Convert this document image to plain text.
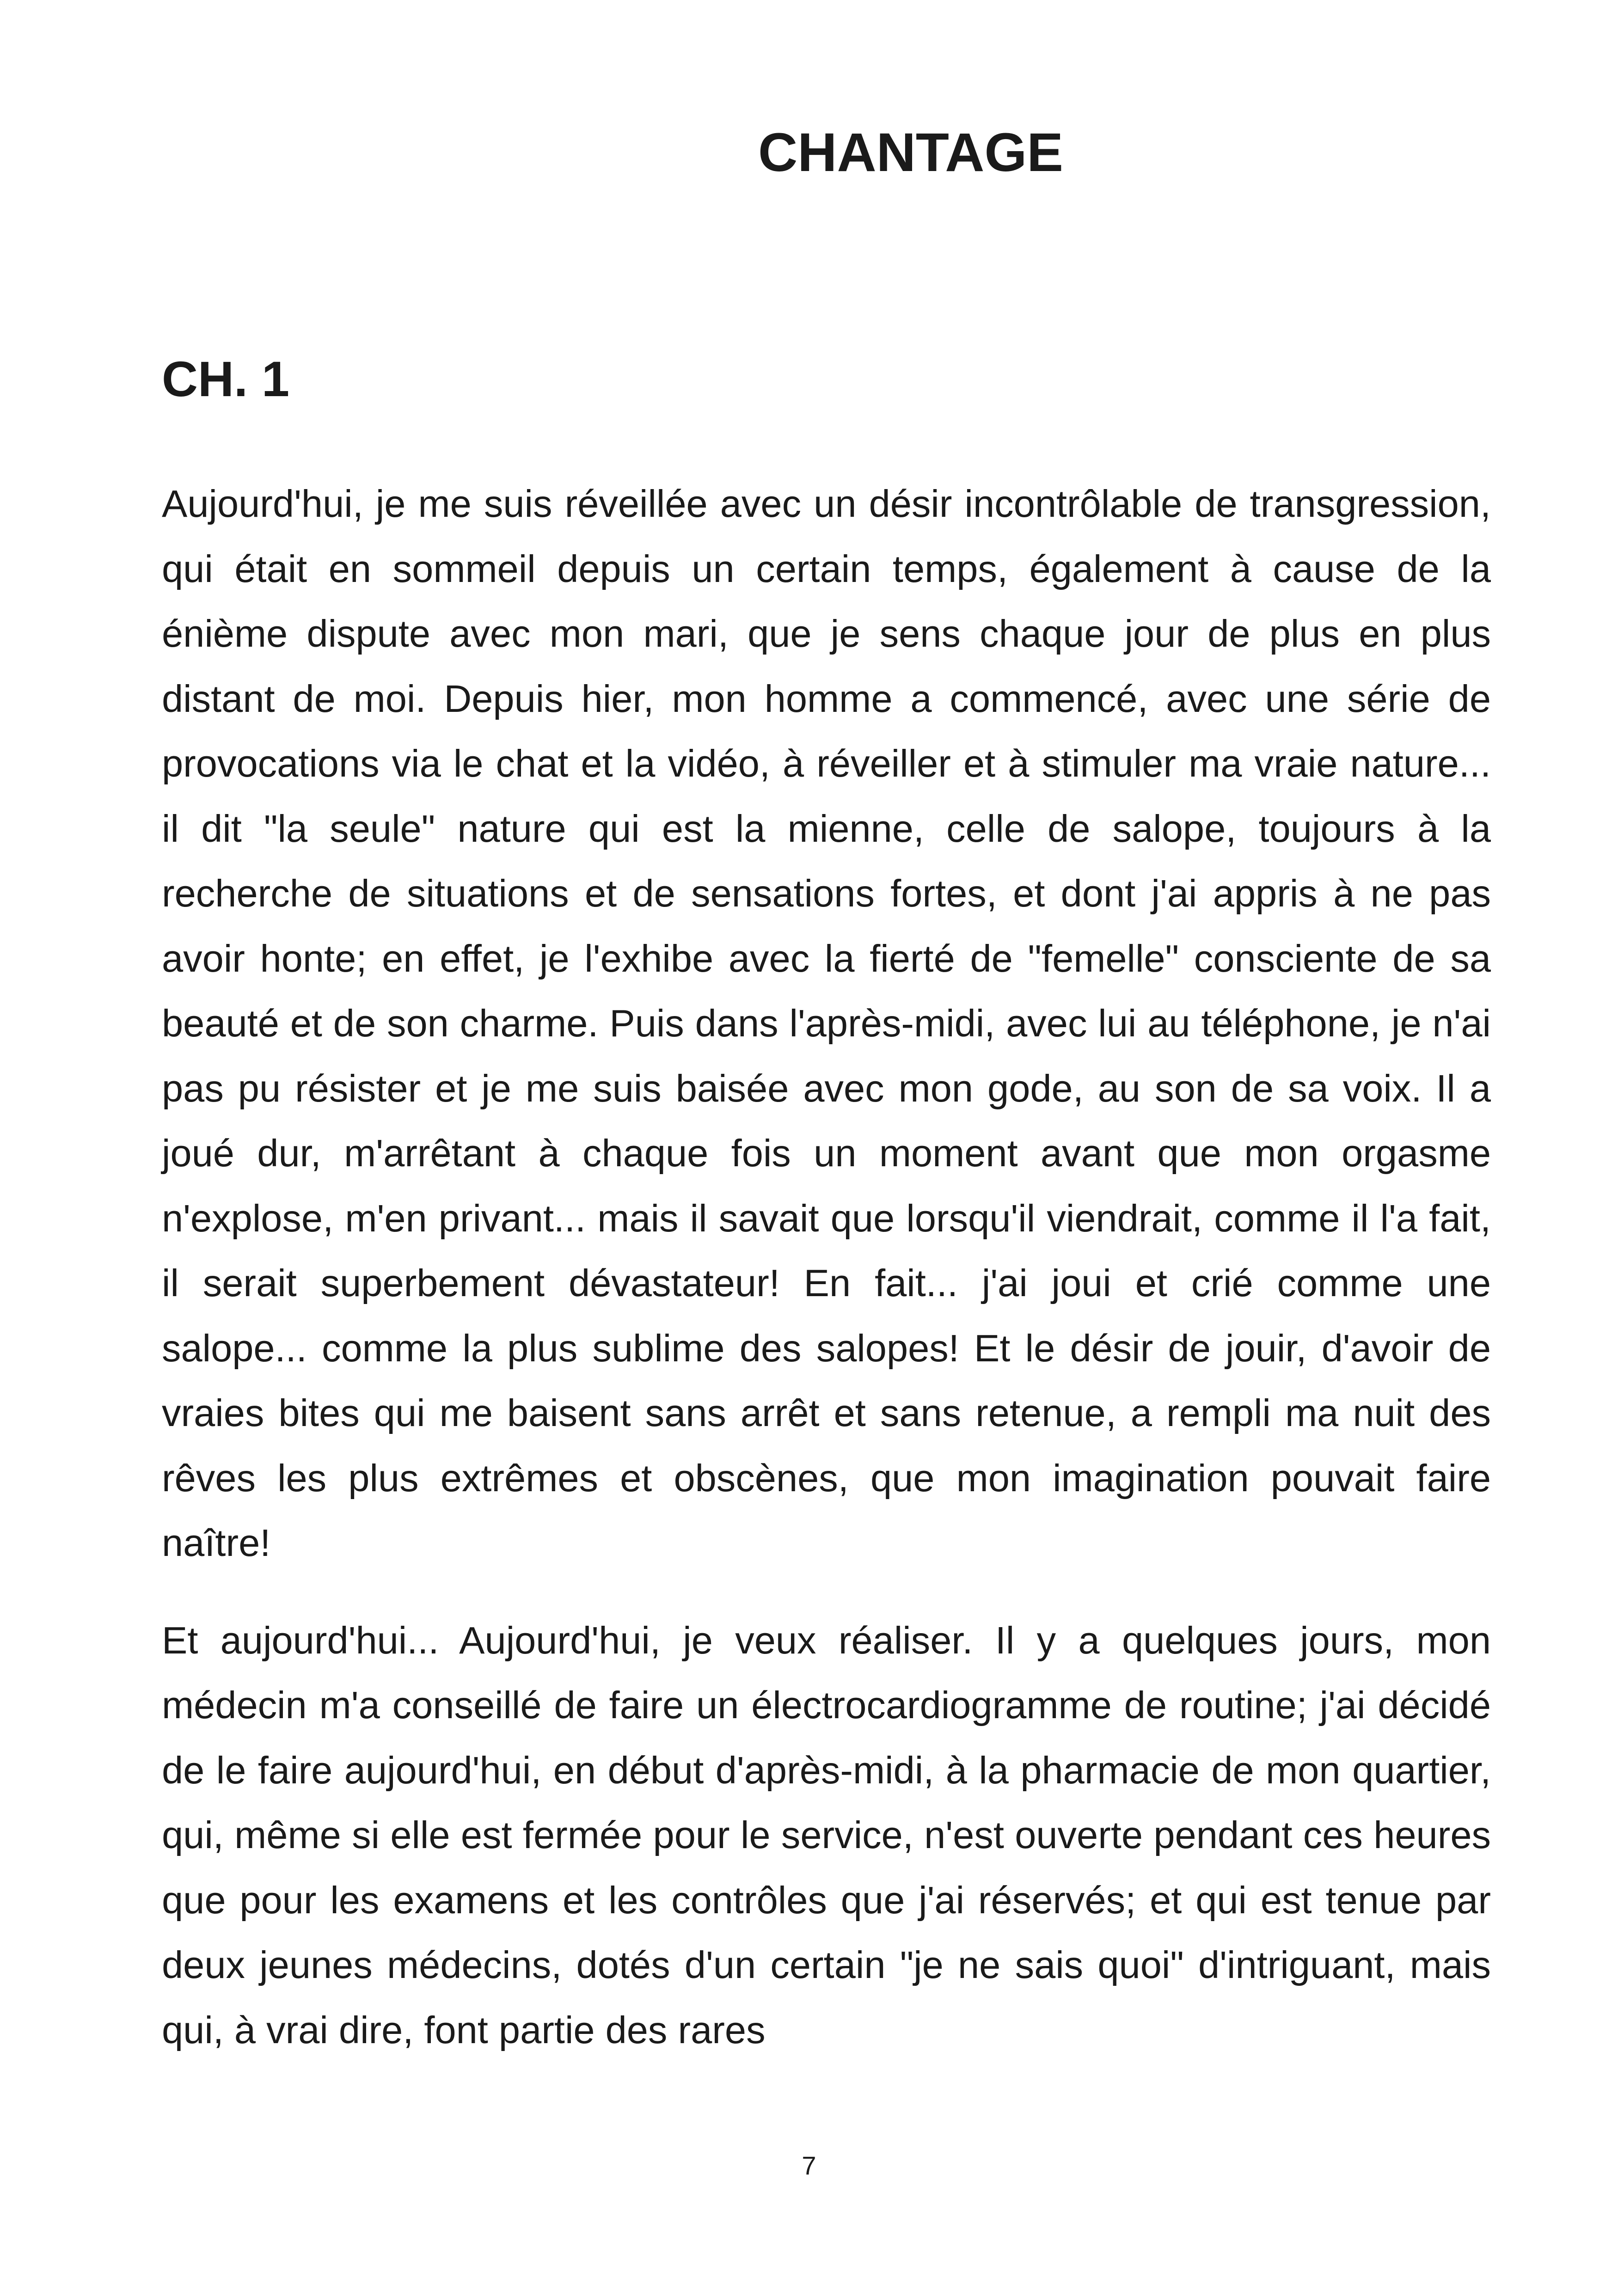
CHANTAGE
CH. 1

Aujourd'hui, je me suis réveillée avec un désir incontrôlable de transgression, qui était en sommeil depuis un certain temps, également à cause de la énième dispute avec mon mari, que je sens chaque jour de plus en plus distant de moi. Depuis hier, mon homme a commencé, avec une série de provocations via le chat et la vidéo, à réveiller et à stimuler ma vraie nature... il dit "la seule" nature qui est la mienne, celle de salope, toujours à la recherche de situations et de sensations fortes, et dont j'ai appris à ne pas avoir honte; en effet, je l'exhibe avec la fierté de "femelle" consciente de sa beauté et de son charme. Puis dans l'après-midi, avec lui au téléphone, je n'ai pas pu résister et je me suis baisée avec mon gode, au son de sa voix. Il a joué dur, m'arrêtant à chaque fois un moment avant que mon orgasme n'explose, m'en privant... mais il savait que lorsqu'il viendrait, comme il l'a fait, il serait superbement dévastateur! En fait... j'ai joui et crié comme une salope... comme la plus sublime des salopes! Et le désir de jouir, d'avoir de vraies bites qui me baisent sans arrêt et sans retenue, a rempli ma nuit des rêves les plus extrêmes et obscènes, que mon imagination pouvait faire naître!

Et aujourd'hui... Aujourd'hui, je veux réaliser. Il y a quelques jours, mon médecin m'a conseillé de faire un électrocardiogramme de routine; j'ai décidé de le faire aujourd'hui, en début d'après-midi, à la pharmacie de mon quartier, qui, même si elle est fermée pour le service, n'est ouverte pendant ces heures que pour les examens et les contrôles que j'ai réservés; et qui est tenue par deux jeunes médecins, dotés d'un certain "je ne sais quoi" d'intriguant, mais qui, à vrai dire, font partie des rares

7
